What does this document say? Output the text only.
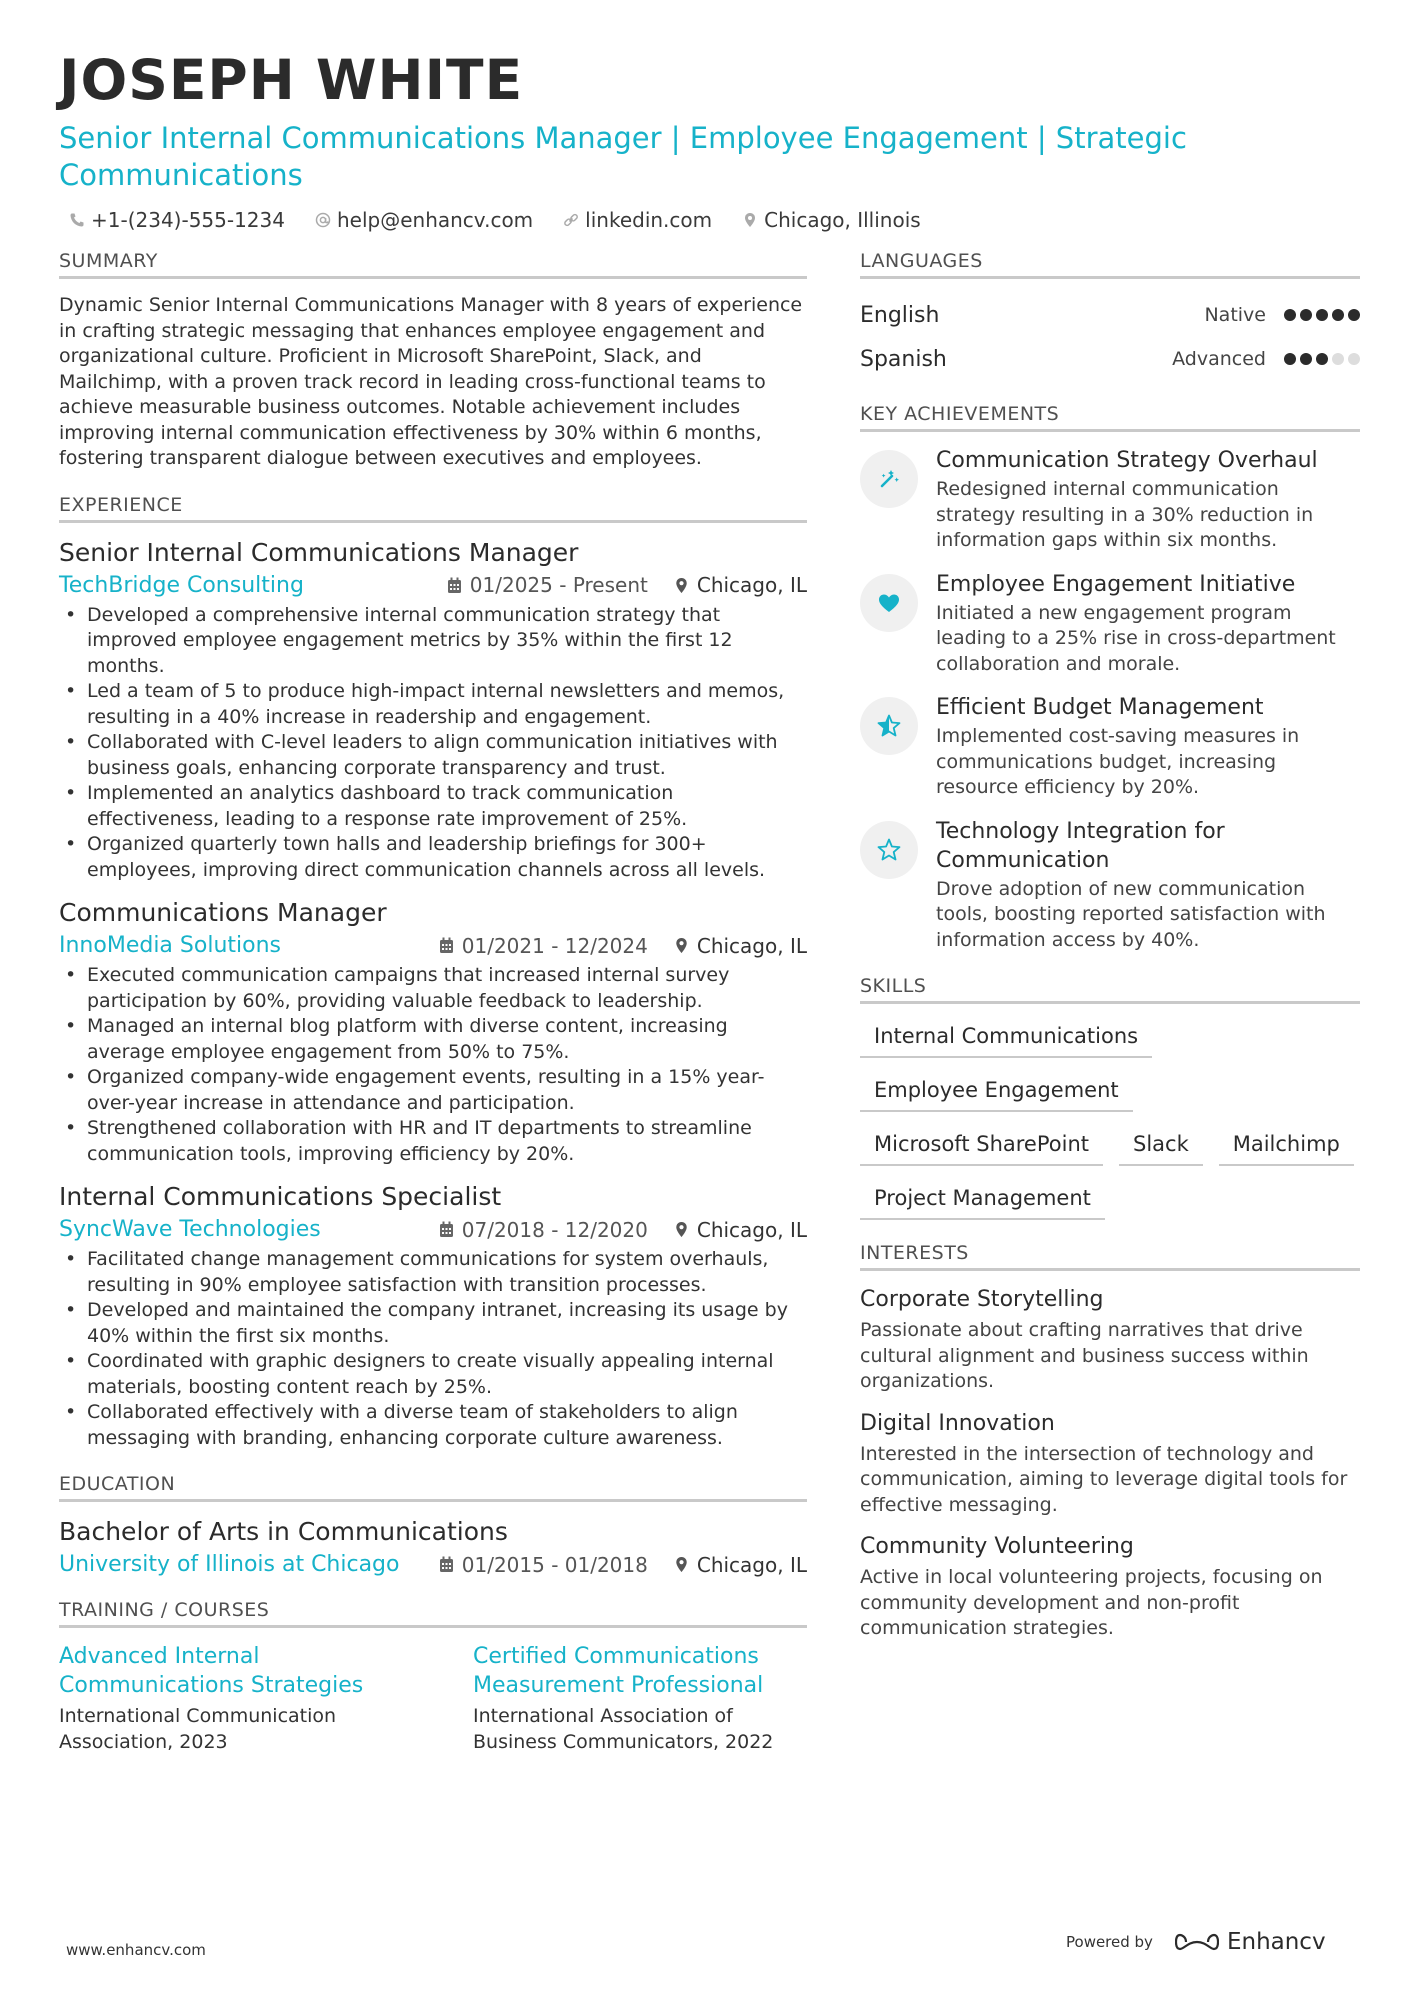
JOSEPH WHITE
Senior Internal Communications Manager | Employee Engagement | Strategic Communications
+1-(234)-555-1234	help@enhancv.com	linkedin.com	Chicago, Illinois
SUMMARY
Dynamic Senior Internal Communications Manager with 8 years of experience in crafting strategic messaging that enhances employee engagement and organizational culture. Proficient in Microsoft SharePoint, Slack, and Mailchimp, with a proven track record in leading cross-functional teams to achieve measurable business outcomes. Notable achievement includes improving internal communication effectiveness by 30% within 6 months, fostering transparent dialogue between executives and employees.
EXPERIENCE
Senior Internal Communications Manager
TechBridge Consulting	01/2025 - Present Chicago, IL
• Developed a comprehensive internal communication strategy that improved employee engagement metrics by 35% within the first 12 months.
• Led a team of 5 to produce high-impact internal newsletters and memos, resulting in a 40% increase in readership and engagement.
• Collaborated with C-level leaders to align communication initiatives with business goals, enhancing corporate transparency and trust.
• Implemented an analytics dashboard to track communication effectiveness, leading to a response rate improvement of 25%.
• Organized quarterly town halls and leadership briefings for 300+ employees, improving direct communication channels across all levels.
Communications Manager
InnoMedia Solutions	01/2021 - 12/2024 Chicago, IL
• Executed communication campaigns that increased internal survey participation by 60%, providing valuable feedback to leadership.
• Managed an internal blog platform with diverse content, increasing average employee engagement from 50% to 75%.
• Organized company-wide engagement events, resulting in a 15% year-over-year increase in attendance and participation.
• Strengthened collaboration with HR and IT departments to streamline communication tools, improving efficiency by 20%.
Internal Communications Specialist
SyncWave Technologies	07/2018 - 12/2020 Chicago, IL
• Facilitated change management communications for system overhauls, resulting in 90% employee satisfaction with transition processes.
• Developed and maintained the company intranet, increasing its usage by 40% within the first six months.
• Coordinated with graphic designers to create visually appealing internal materials, boosting content reach by 25%.
• Collaborated effectively with a diverse team of stakeholders to align messaging with branding, enhancing corporate culture awareness.
EDUCATION
Bachelor of Arts in Communications
University of Illinois at Chicago	01/2015 - 01/2018 Chicago, IL
TRAINING / COURSES
Advanced Internal Communications Strategies
International Communication Association, 2023
Certified Communications Measurement Professional
International Association of Business Communicators, 2022
LANGUAGES
English	Native
Spanish	Advanced
KEY ACHIEVEMENTS
Communication Strategy Overhaul
Redesigned internal communication strategy resulting in a 30% reduction in information gaps within six months.
Employee Engagement Initiative
Initiated a new engagement program leading to a 25% rise in cross-department collaboration and morale.
Efficient Budget Management
Implemented cost-saving measures in communications budget, increasing resource efficiency by 20%.
Technology Integration for Communication
Drove adoption of new communication tools, boosting reported satisfaction with information access by 40%.
SKILLS
Internal Communications
Employee Engagement
Microsoft SharePoint	Slack	Mailchimp
Project Management
INTERESTS
Corporate Storytelling
Passionate about crafting narratives that drive cultural alignment and business success within organizations.
Digital Innovation
Interested in the intersection of technology and communication, aiming to leverage digital tools for effective messaging.
Community Volunteering
Active in local volunteering projects, focusing on community development and non-profit communication strategies.
www.enhancv.com	Powered by	Enhancv
